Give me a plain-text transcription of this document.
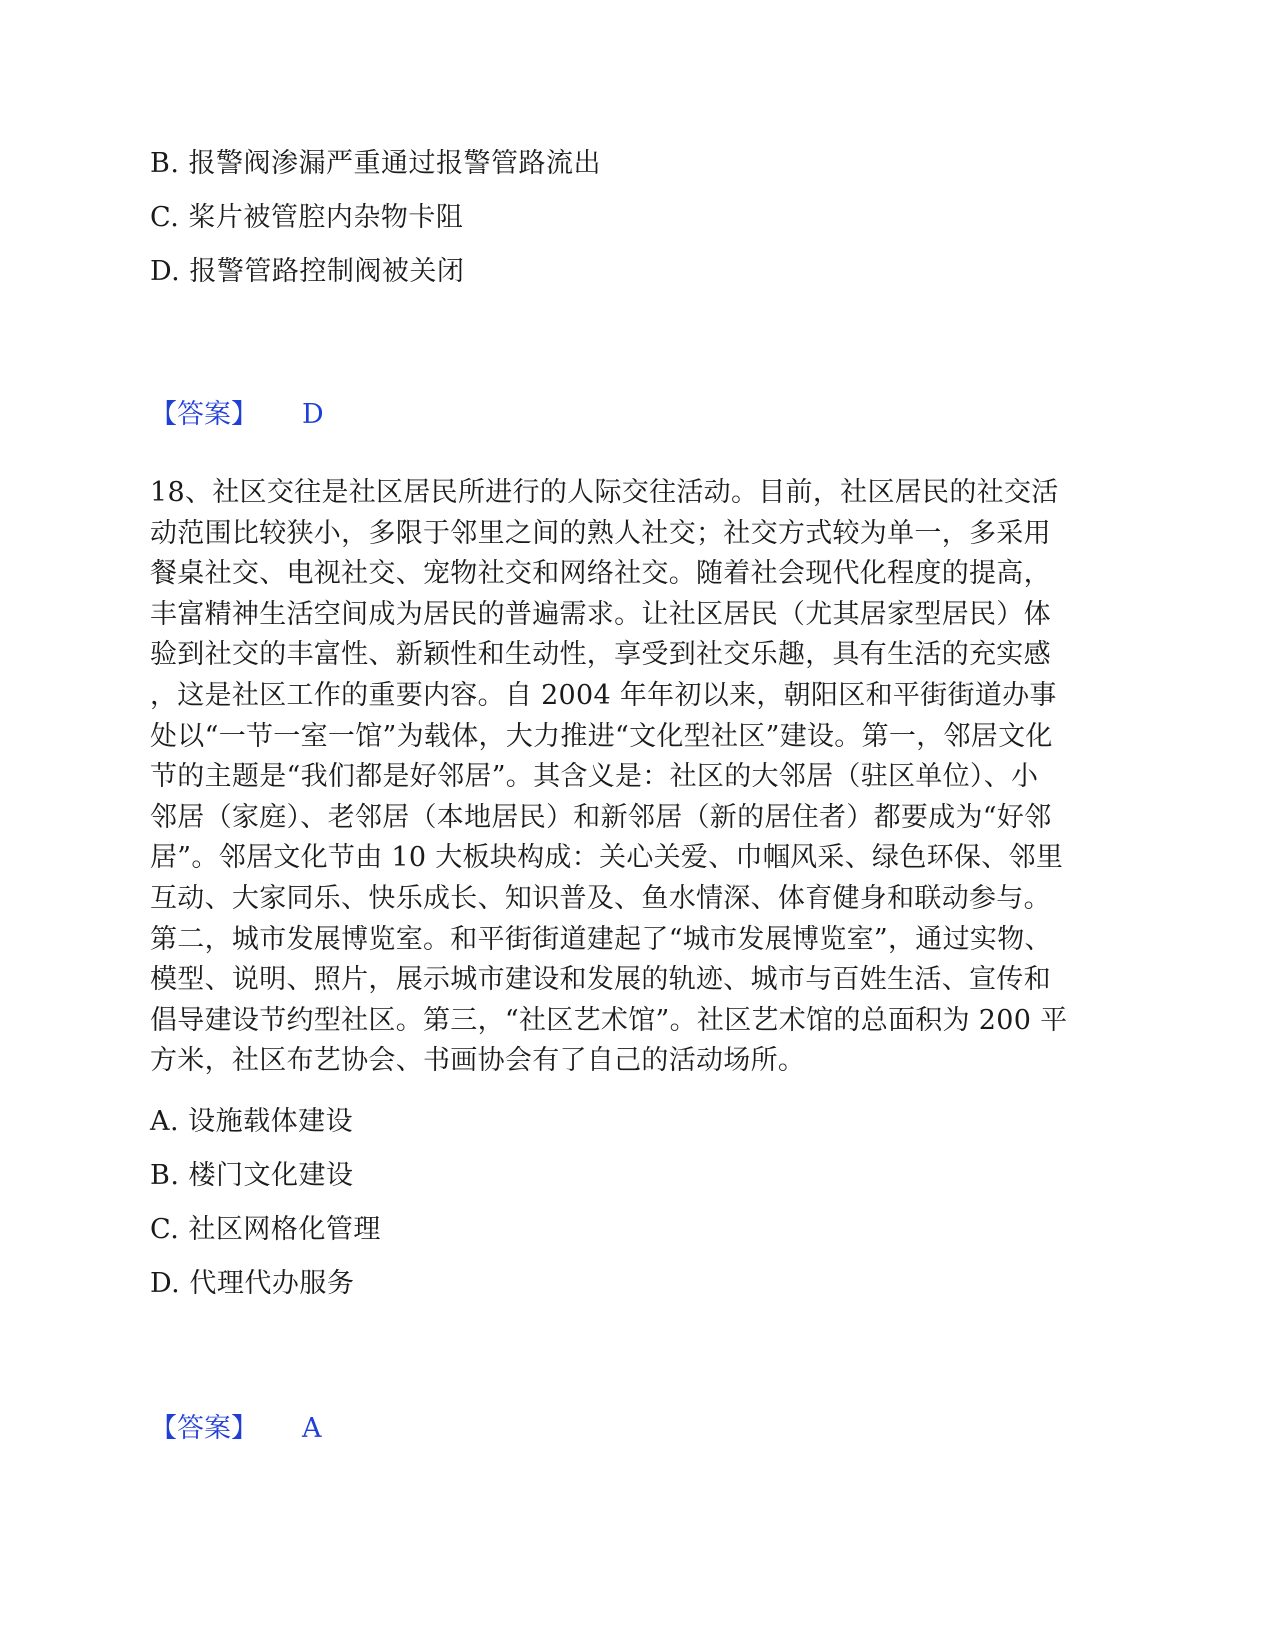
B. 报警阀渗漏严重通过报警管路流出
C. 桨片被管腔内杂物卡阻
D. 报警管路控制阀被关闭
【答案】 D
18、社区交往是社区居民所进行的人际交往活动。目前，社区居民的社交活
动范围比较狭小，多限于邻里之间的熟人社交；社交方式较为单一，多采用
餐桌社交、电视社交、宠物社交和网络社交。随着社会现代化程度的提高，
丰富精神生活空间成为居民的普遍需求。让社区居民（尤其居家型居民）体
验到社交的丰富性、新颖性和生动性，享受到社交乐趣，具有生活的充实感
，这是社区工作的重要内容。自 2004 年年初以来，朝阳区和平街街道办事
处以“一节一室一馆”为载体，大力推进“文化型社区”建设。第一，邻居文化
节的主题是“我们都是好邻居”。其含义是：社区的大邻居（驻区单位）、小
邻居（家庭）、老邻居（本地居民）和新邻居（新的居住者）都要成为“好邻
居”。邻居文化节由 10 大板块构成：关心关爱、巾帼风采、绿色环保、邻里
互动、大家同乐、快乐成长、知识普及、鱼水情深、体育健身和联动参与。
第二，城市发展博览室。和平街街道建起了“城市发展博览室”，通过实物、
模型、说明、照片，展示城市建设和发展的轨迹、城市与百姓生活、宣传和
倡导建设节约型社区。第三，“社区艺术馆”。社区艺术馆的总面积为 200 平
方米，社区布艺协会、书画协会有了自己的活动场所。
A. 设施载体建设
B. 楼门文化建设
C. 社区网格化管理
D. 代理代办服务
【答案】 A
